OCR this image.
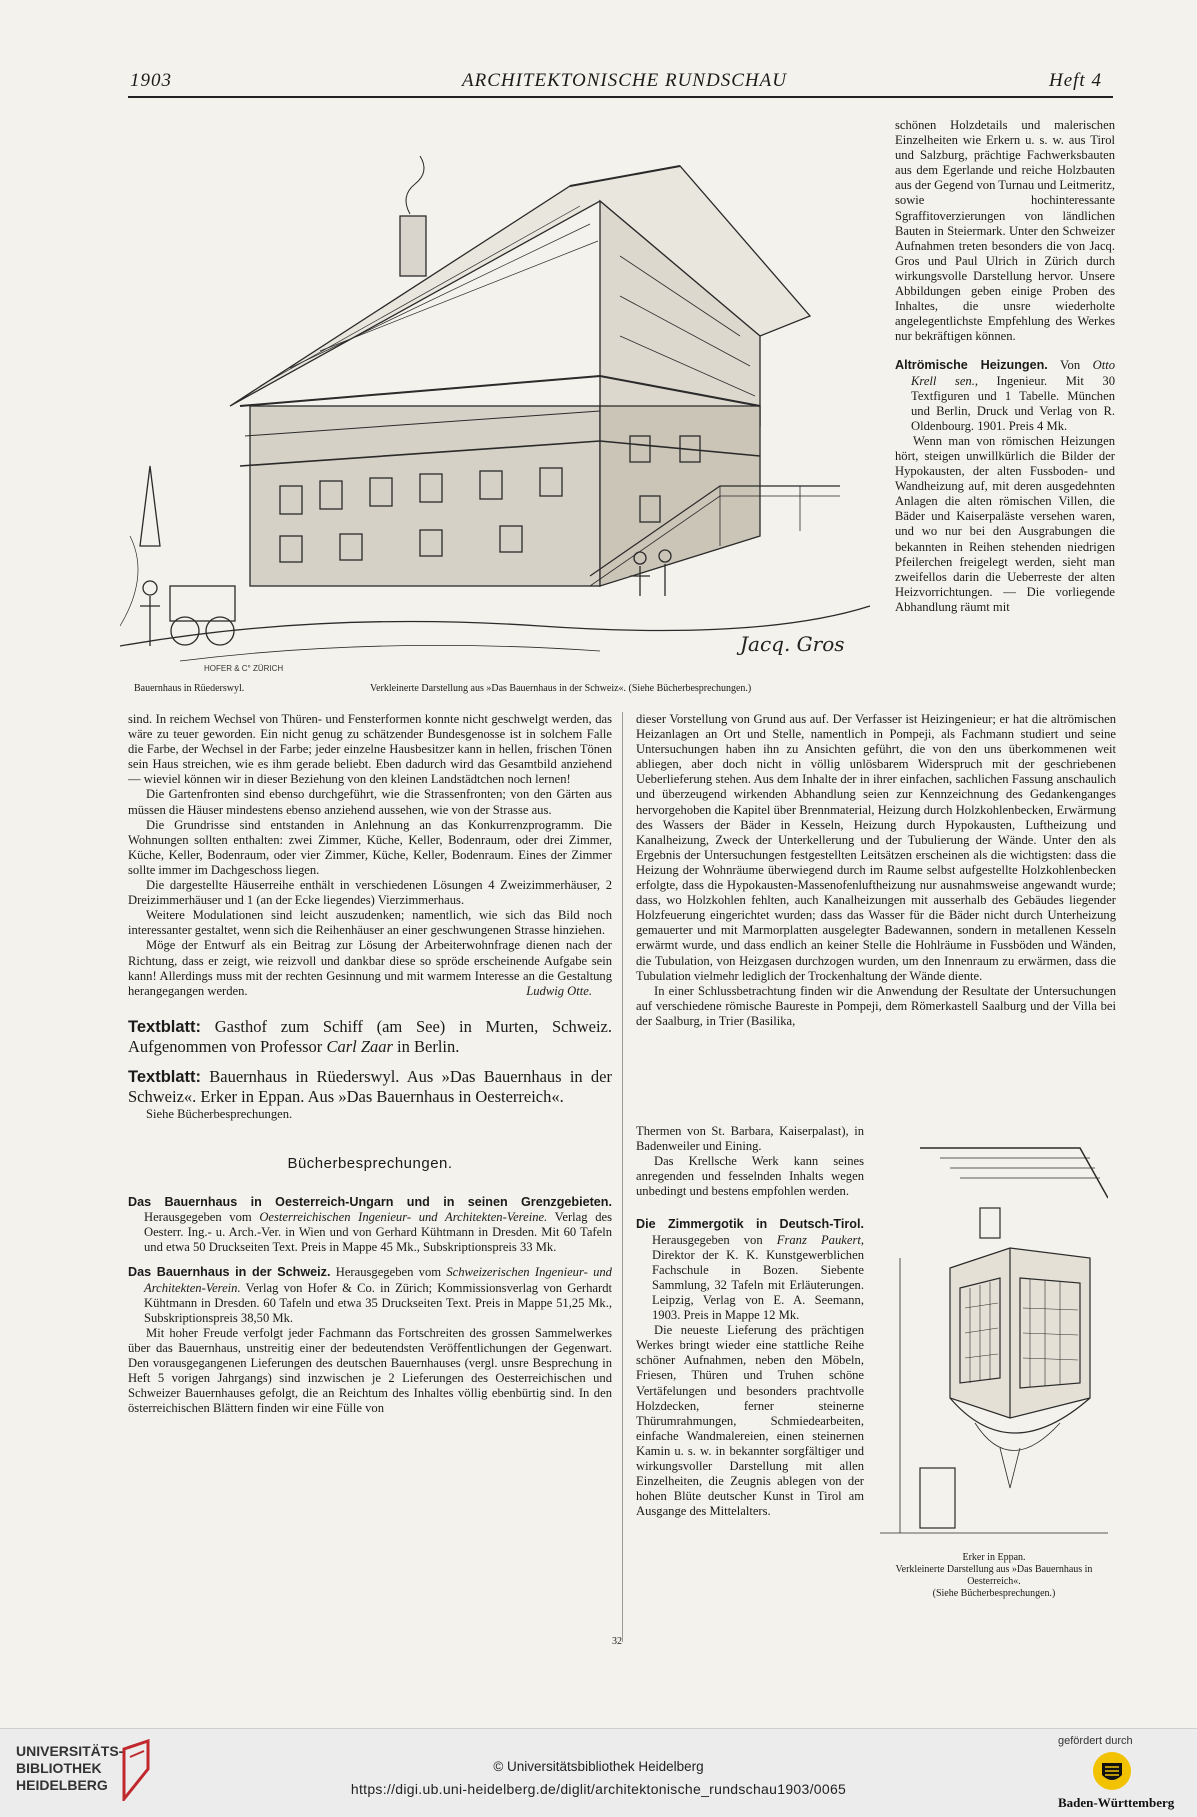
1903	ARCHITEKTONISCHE RUNDSCHAU	Heft 4
HOFER & C° ZÜRICH
Jacq. Gros
Bauernhaus in Rüederswyl.	Verkleinerte Darstellung aus »Das Bauernhaus in der Schweiz«. (Siehe Bücherbesprechungen.)

schönen Holzdetails und malerischen Einzelheiten wie Erkern u. s. w. aus Tirol und Salzburg, prächtige Fachwerksbauten aus dem Egerlande und reiche Holzbauten aus der Gegend von Turnau und Leitmeritz, sowie hochinteressante Sgraffitoverzierungen von ländlichen Bauten in Steiermark. Unter den Schweizer Aufnahmen treten besonders die von Jacq. Gros und Paul Ulrich in Zürich durch wirkungsvolle Darstellung hervor. Unsere Abbildungen geben einige Proben des Inhaltes, die unsre wiederholte angelegentlichste Empfehlung des Werkes nur bekräftigen können.

Altrömische Heizungen. Von Otto Krell sen., Ingenieur. Mit 30 Textfiguren und 1 Tabelle. München und Berlin, Druck und Verlag von R. Oldenbourg. 1901. Preis 4 Mk.

Wenn man von römischen Heizungen hört, steigen unwillkürlich die Bilder der Hypokausten, der alten Fussboden- und Wandheizung auf, mit deren ausgedehnten Anlagen die alten römischen Villen, die Bäder und Kaiserpaläste versehen waren, und wo nur bei den Ausgrabungen die bekannten in Reihen stehenden niedrigen Pfeilerchen freigelegt werden, sieht man zweifellos darin die Ueberreste der alten Heizvorrichtungen. — Die vorliegende Abhandlung räumt mit

sind. In reichem Wechsel von Thüren- und Fensterformen konnte nicht geschwelgt werden, das wäre zu teuer geworden. Ein nicht genug zu schätzender Bundesgenosse ist in solchem Falle die Farbe, der Wechsel in der Farbe; jeder einzelne Hausbesitzer kann in hellen, frischen Tönen sein Haus streichen, wie es ihm gerade beliebt. Eben dadurch wird das Gesamtbild anziehend — wieviel können wir in dieser Beziehung von den kleinen Landstädtchen noch lernen!

Die Gartenfronten sind ebenso durchgeführt, wie die Strassenfronten; von den Gärten aus müssen die Häuser mindestens ebenso anziehend aussehen, wie von der Strasse aus.

Die Grundrisse sind entstanden in Anlehnung an das Konkurrenzprogramm. Die Wohnungen sollten enthalten: zwei Zimmer, Küche, Keller, Bodenraum, oder drei Zimmer, Küche, Keller, Bodenraum, oder vier Zimmer, Küche, Keller, Bodenraum. Eines der Zimmer sollte immer im Dachgeschoss liegen.

Die dargestellte Häuserreihe enthält in verschiedenen Lösungen 4 Zweizimmerhäuser, 2 Dreizimmerhäuser und 1 (an der Ecke liegendes) Vierzimmerhaus.

Weitere Modulationen sind leicht auszudenken; namentlich, wie sich das Bild noch interessanter gestaltet, wenn sich die Reihenhäuser an einer geschwungenen Strasse hinziehen.

Möge der Entwurf als ein Beitrag zur Lösung der Arbeiterwohnfrage dienen nach der Richtung, dass er zeigt, wie reizvoll und dankbar diese so spröde erscheinende Aufgabe sein kann! Allerdings muss mit der rechten Gesinnung und mit warmem Interesse an die Gestaltung herangegangen werden.	Ludwig Otte.

Textblatt: Gasthof zum Schiff (am See) in Murten, Schweiz. Aufgenommen von Professor Carl Zaar in Berlin.

Textblatt: Bauernhaus in Rüederswyl. Aus »Das Bauernhaus in der Schweiz«. Erker in Eppan. Aus »Das Bauernhaus in Oesterreich«.

Siehe Bücherbesprechungen.

Bücherbesprechungen.

Das Bauernhaus in Oesterreich-Ungarn und in seinen Grenzgebieten. Herausgegeben vom Oesterreichischen Ingenieur- und Architekten-Vereine. Verlag des Oesterr. Ing.- u. Arch.-Ver. in Wien und von Gerhard Kühtmann in Dresden. Mit 60 Tafeln und etwa 50 Druckseiten Text. Preis in Mappe 45 Mk., Subskriptionspreis 33 Mk.

Das Bauernhaus in der Schweiz. Herausgegeben vom Schweizerischen Ingenieur- und Architekten-Verein. Verlag von Hofer & Co. in Zürich; Kommissionsverlag von Gerhardt Kühtmann in Dresden. 60 Tafeln und etwa 35 Druckseiten Text. Preis in Mappe 51,25 Mk., Subskriptionspreis 38,50 Mk.

Mit hoher Freude verfolgt jeder Fachmann das Fortschreiten des grossen Sammelwerkes über das Bauernhaus, unstreitig einer der bedeutendsten Veröffentlichungen der Gegenwart. Den vorausgegangenen Lieferungen des deutschen Bauernhauses (vergl. unsre Besprechung in Heft 5 vorigen Jahrgangs) sind inzwischen je 2 Lieferungen des Oesterreichischen und Schweizer Bauernhauses gefolgt, die an Reichtum des Inhaltes völlig ebenbürtig sind. In den österreichischen Blättern finden wir eine Fülle von

dieser Vorstellung von Grund aus auf. Der Verfasser ist Heizingenieur; er hat die altrömischen Heizanlagen an Ort und Stelle, namentlich in Pompeji, als Fachmann studiert und seine Untersuchungen haben ihn zu Ansichten geführt, die von den uns überkommenen weit abliegen, aber doch nicht in völlig unlösbarem Widerspruch mit der geschriebenen Ueberlieferung stehen. Aus dem Inhalte der in ihrer einfachen, sachlichen Fassung anschaulich und überzeugend wirkenden Abhandlung seien zur Kennzeichnung des Gedankenganges hervorgehoben die Kapitel über Brennmaterial, Heizung durch Holzkohlenbecken, Erwärmung des Wassers der Bäder in Kesseln, Heizung durch Hypokausten, Luftheizung und Kanalheizung, Zweck der Unterkellerung und der Tubulierung der Wände. Unter den als Ergebnis der Untersuchungen festgestellten Leitsätzen erscheinen als die wichtigsten: dass die Heizung der Wohnräume überwiegend durch im Raume selbst aufgestellte Holzkohlenbecken erfolgte, dass die Hypokausten-Massenofenluftheizung nur ausnahmsweise angewandt wurde; dass, wo Holzkohlen fehlten, auch Kanalheizungen mit ausserhalb des Gebäudes liegender Holzfeuerung eingerichtet wurden; dass das Wasser für die Bäder nicht durch Unterheizung gemauerter und mit Marmorplatten ausgelegter Badewannen, sondern in metallenen Kesseln erwärmt wurde, und dass endlich an keiner Stelle die Hohlräume in Fussböden und Wänden, die Tubulation, von Heizgasen durchzogen wurden, um den Innenraum zu erwärmen, dass die Tubulation vielmehr lediglich der Trockenhaltung der Wände diente.

In einer Schlussbetrachtung finden wir die Anwendung der Resultate der Untersuchungen auf verschiedene römische Baureste in Pompeji, dem Römerkastell Saalburg und der Villa bei der Saalburg, in Trier (Basilika,

Thermen von St. Barbara, Kaiserpalast), in Badenweiler und Eining.

Das Krellsche Werk kann seines anregenden und fesselnden Inhalts wegen unbedingt und bestens empfohlen werden.

Die Zimmergotik in Deutsch-Tirol. Herausgegeben von Franz Paukert, Direktor der K. K. Kunstgewerblichen Fachschule in Bozen. Siebente Sammlung, 32 Tafeln mit Erläuterungen. Leipzig, Verlag von E. A. Seemann, 1903. Preis in Mappe 12 Mk.

Die neueste Lieferung des prächtigen Werkes bringt wieder eine stattliche Reihe schöner Aufnahmen, neben den Möbeln, Friesen, Thüren und Truhen schöne Vertäfelungen und besonders prachtvolle Holzdecken, ferner steinerne Thürumrahmungen, Schmiedearbeiten, einfache Wandmalereien, einen steinernen Kamin u. s. w. in bekannter sorgfältiger und wirkungsvoller Darstellung mit allen Einzelheiten, die Zeugnis ablegen von der hohen Blüte deutscher Kunst in Tirol am Ausgange des Mittelalters.

Erker in Eppan.
Verkleinerte Darstellung aus »Das Bauernhaus in Oesterreich«.
(Siehe Bücherbesprechungen.)
32
UNIVERSITÄTS-
BIBLIOTHEK
HEIDELBERG
© Universitätsbibliothek Heidelberg
https://digi.ub.uni-heidelberg.de/diglit/architektonische_rundschau1903/0065
gefördert durch
Baden-Württemberg
